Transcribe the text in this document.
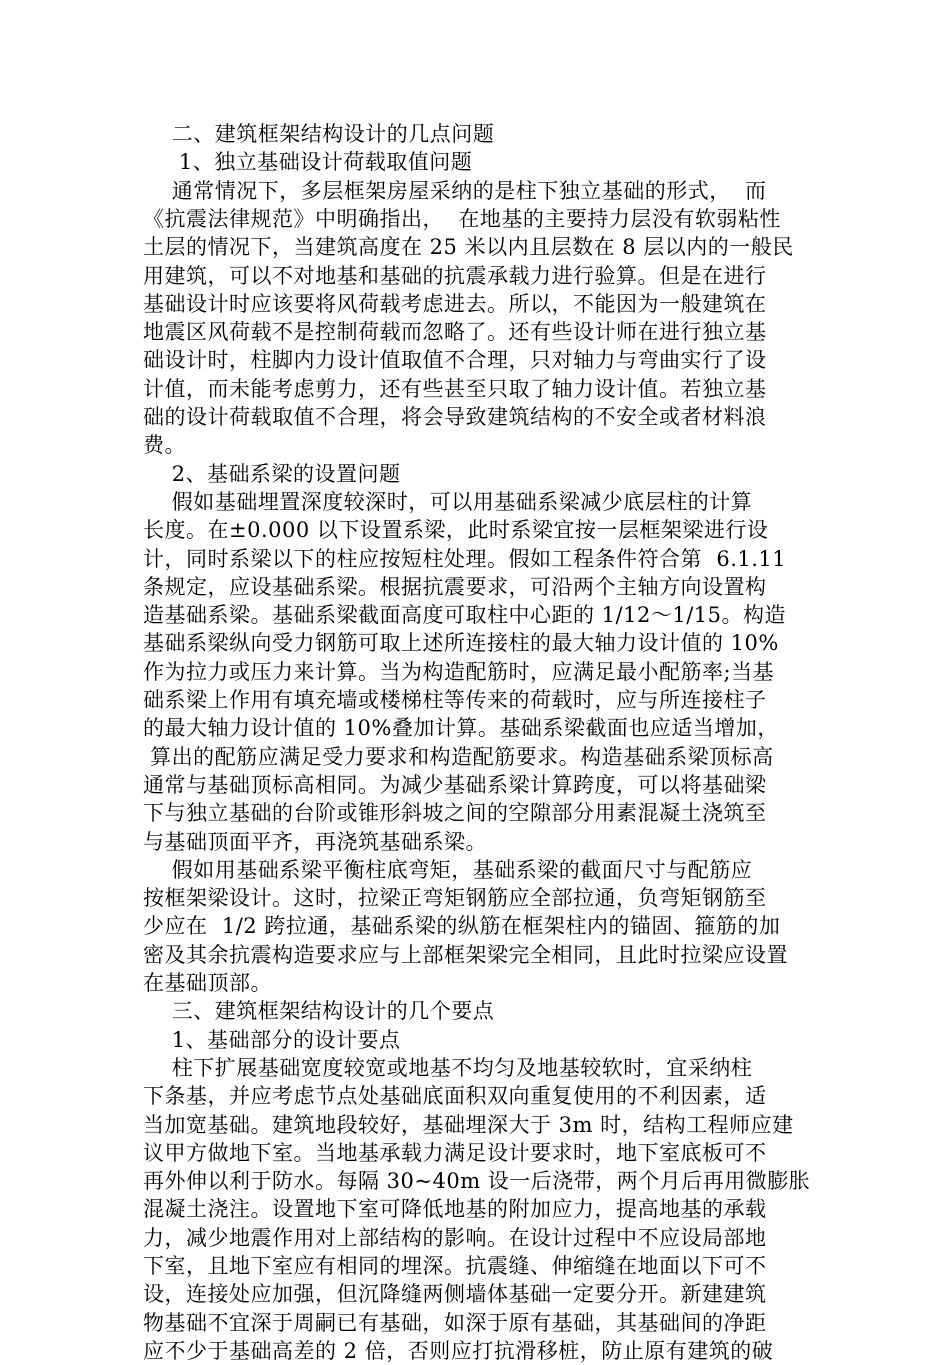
二、建筑框架结构设计的几点问题
1、独立基础设计荷载取值问题
通常情况下，多层框架房屋采纳的是柱下独立基础的形式，  而
《抗震法律规范》中明确指出，  在地基的主要持力层没有软弱粘性
土层的情况下，当建筑高度在 25 米以内且层数在 8 层以内的一般民
用建筑，可以不对地基和基础的抗震承载力进行验算。但是在进行
基础设计时应该要将风荷载考虑进去。所以，不能因为一般建筑在
地震区风荷载不是控制荷载而忽略了。还有些设计师在进行独立基
础设计时，柱脚内力设计值取值不合理，只对轴力与弯曲实行了设
计值，而未能考虑剪力，还有些甚至只取了轴力设计值。若独立基
础的设计荷载取值不合理，将会导致建筑结构的不安全或者材料浪
费。
2、基础系梁的设置问题
假如基础埋置深度较深时，可以用基础系梁减少底层柱的计算
长度。在±0.000 以下设置系梁，此时系梁宜按一层框架梁进行设
计，同时系梁以下的柱应按短柱处理。假如工程条件符合第  6.1.11
条规定，应设基础系梁。根据抗震要求，可沿两个主轴方向设置构
造基础系梁。基础系梁截面高度可取柱中心距的 1/12～1/15。构造
基础系梁纵向受力钢筋可取上述所连接柱的最大轴力设计值的 10%
作为拉力或压力来计算。当为构造配筋时，应满足最小配筋率;当基
础系梁上作用有填充墙或楼梯柱等传来的荷载时，应与所连接柱子
的最大轴力设计值的 10%叠加计算。基础系梁截面也应适当增加，
算出的配筋应满足受力要求和构造配筋要求。构造基础系梁顶标高
通常与基础顶标高相同。为减少基础系梁计算跨度，可以将基础梁
下与独立基础的台阶或锥形斜坡之间的空隙部分用素混凝土浇筑至
与基础顶面平齐，再浇筑基础系梁。
假如用基础系梁平衡柱底弯矩，基础系梁的截面尺寸与配筋应
按框架梁设计。这时，拉梁正弯矩钢筋应全部拉通，负弯矩钢筋至
少应在  1/2 跨拉通，基础系梁的纵筋在框架柱内的锚固、箍筋的加
密及其余抗震构造要求应与上部框架梁完全相同，且此时拉梁应设置
在基础顶部。
三、建筑框架结构设计的几个要点
1、基础部分的设计要点
柱下扩展基础宽度较宽或地基不均匀及地基较软时，宜采纳柱
下条基，并应考虑节点处基础底面积双向重复使用的不利因素，适
当加宽基础。建筑地段较好，基础埋深大于 3m 时，结构工程师应建
议甲方做地下室。当地基承载力满足设计要求时，地下室底板可不
再外伸以利于防水。每隔 30~40m 设一后浇带，两个月后再用微膨胀
混凝土浇注。设置地下室可降低地基的附加应力，提高地基的承载
力，减少地震作用对上部结构的影响。在设计过程中不应设局部地
下室，且地下室应有相同的埋深。抗震缝、伸缩缝在地面以下可不
设，连接处应加强，但沉降缝两侧墙体基础一定要分开。新建建筑
物基础不宜深于周嗣已有基础，如深于原有基础，其基础间的净距
应不少于基础高差的 2 倍，否则应打抗滑移桩，防止原有建筑的破
